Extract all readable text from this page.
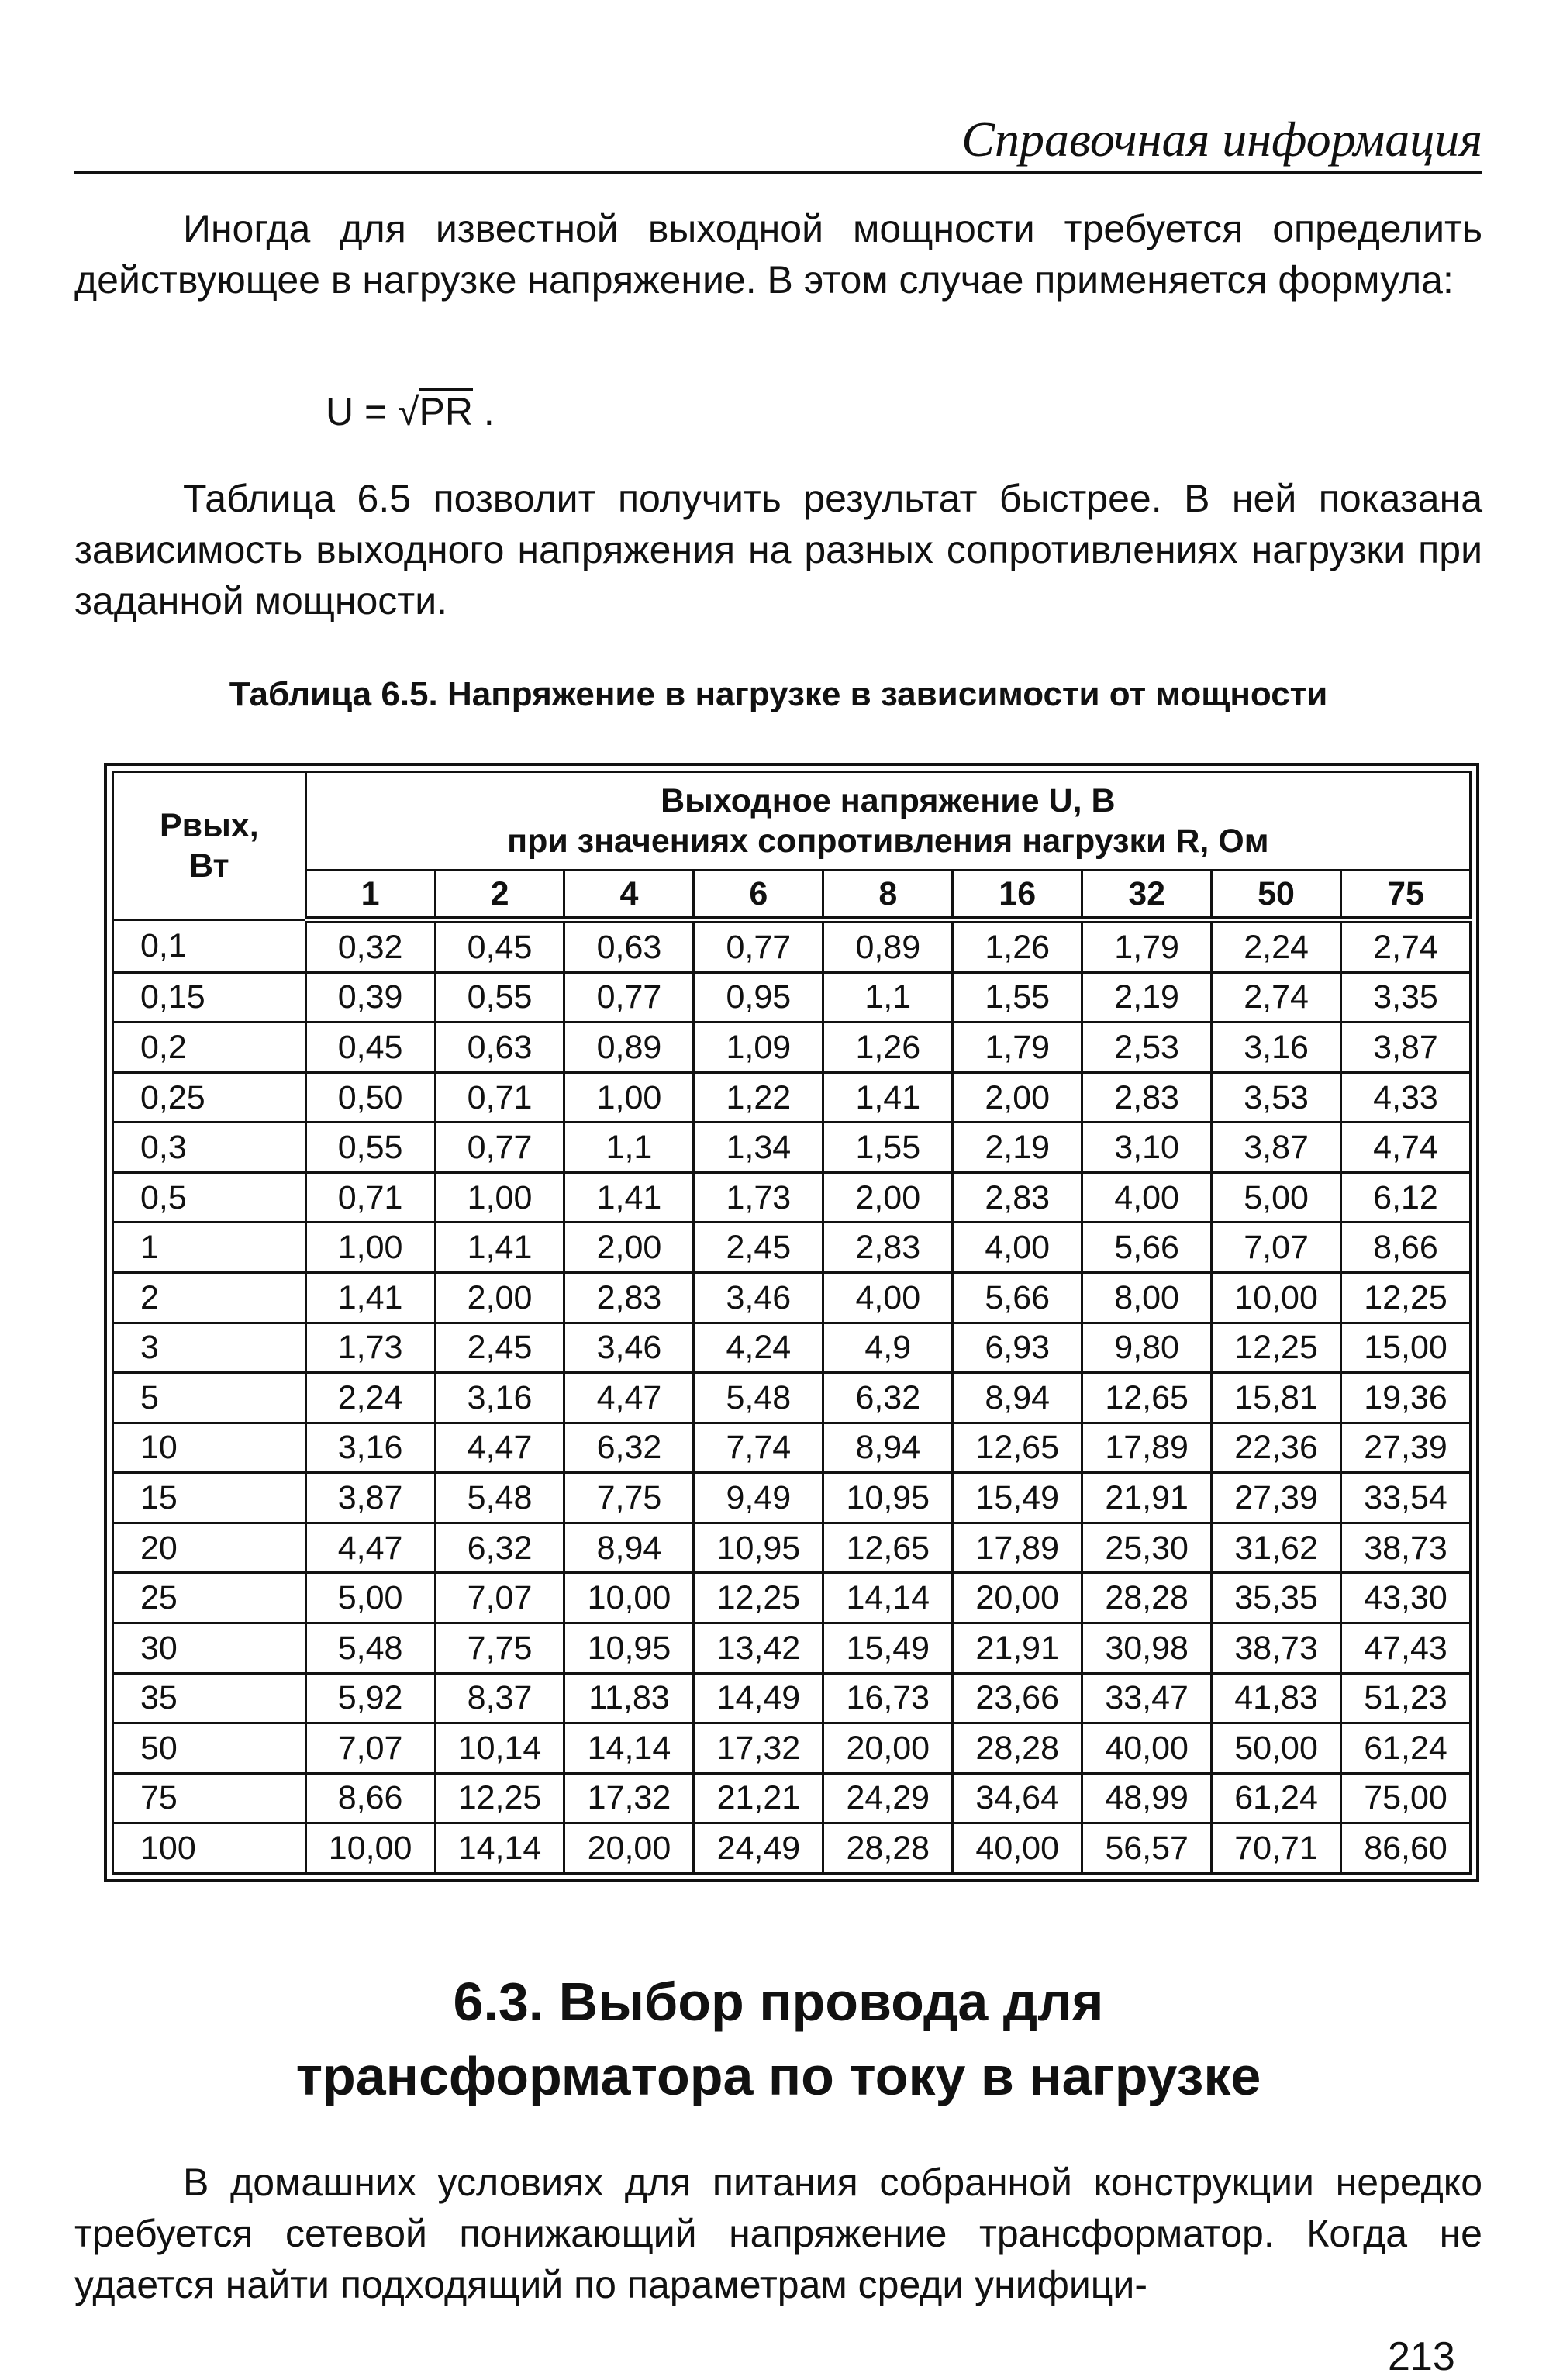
Справочная информация
Иногда для известной выходной мощности требуется определить действующее в нагрузке напряжение. В этом случае применяется формула:
U = √PR .
Таблица 6.5 позволит получить результат быстрее. В ней показана зависимость выходного напряжения на разных сопротивлениях нагрузки при заданной мощности.
Таблица 6.5. Напряжение в нагрузке в зависимости от мощности
Рвых,
Вт	Выходное напряжение U, В
при значениях сопротивления нагрузки R, Ом								
	1	2	4	6	8	16	32	50	75
0,1	0,32	0,45	0,63	0,77	0,89	1,26	1,79	2,24	2,74
0,15	0,39	0,55	0,77	0,95	1,1	1,55	2,19	2,74	3,35
0,2	0,45	0,63	0,89	1,09	1,26	1,79	2,53	3,16	3,87
0,25	0,50	0,71	1,00	1,22	1,41	2,00	2,83	3,53	4,33
0,3	0,55	0,77	1,1	1,34	1,55	2,19	3,10	3,87	4,74
0,5	0,71	1,00	1,41	1,73	2,00	2,83	4,00	5,00	6,12
1	1,00	1,41	2,00	2,45	2,83	4,00	5,66	7,07	8,66
2	1,41	2,00	2,83	3,46	4,00	5,66	8,00	10,00	12,25
3	1,73	2,45	3,46	4,24	4,9	6,93	9,80	12,25	15,00
5	2,24	3,16	4,47	5,48	6,32	8,94	12,65	15,81	19,36
10	3,16	4,47	6,32	7,74	8,94	12,65	17,89	22,36	27,39
15	3,87	5,48	7,75	9,49	10,95	15,49	21,91	27,39	33,54
20	4,47	6,32	8,94	10,95	12,65	17,89	25,30	31,62	38,73
25	5,00	7,07	10,00	12,25	14,14	20,00	28,28	35,35	43,30
30	5,48	7,75	10,95	13,42	15,49	21,91	30,98	38,73	47,43
35	5,92	8,37	11,83	14,49	16,73	23,66	33,47	41,83	51,23
50	7,07	10,14	14,14	17,32	20,00	28,28	40,00	50,00	61,24
75	8,66	12,25	17,32	21,21	24,29	34,64	48,99	61,24	75,00
100	10,00	14,14	20,00	24,49	28,28	40,00	56,57	70,71	86,60
6.3. Выбор провода для
трансформатора по току в нагрузке
В домашних условиях для питания собранной конструкции нередко требуется сетевой понижающий напряжение трансформатор. Когда не удается найти подходящий по параметрам среди унифици-
213
